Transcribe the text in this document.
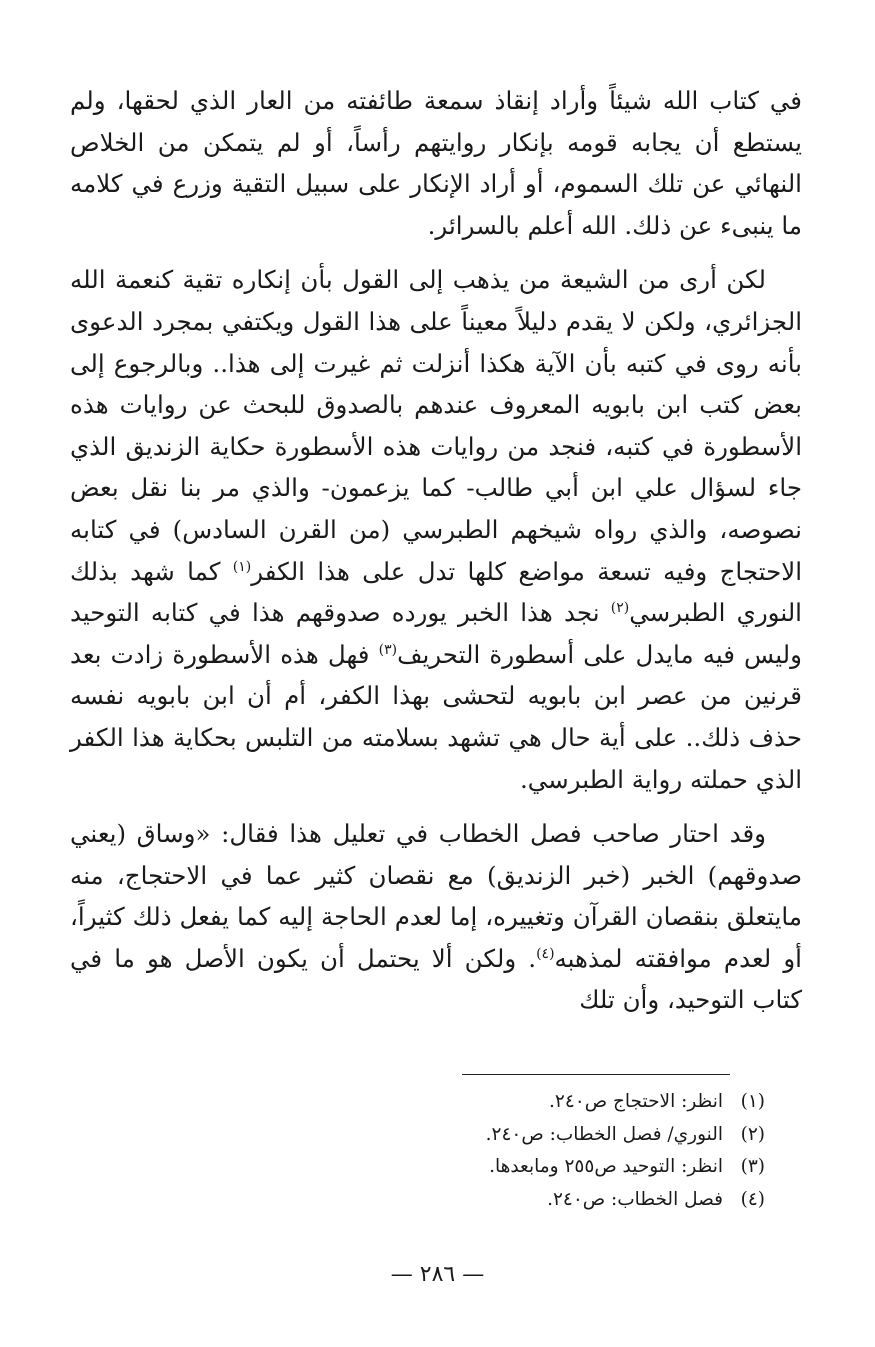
في كتاب الله شيئاً وأراد إنقاذ سمعة طائفته من العار الذي لحقها، ولم يستطع أن يجابه قومه بإنكار روايتهم رأساً، أو لم يتمكن من الخلاص النهائي عن تلك السموم، أو أراد الإنكار على سبيل التقية وزرع في كلامه ما ينبىء عن ذلك. الله أعلم بالسرائر.

لكن أرى من الشيعة من يذهب إلى القول بأن إنكاره تقية كنعمة الله الجزائري، ولكن لا يقدم دليلاً معيناً على هذا القول ويكتفي بمجرد الدعوى بأنه روى في كتبه بأن الآية هكذا أنزلت ثم غيرت إلى هذا.. وبالرجوع إلى بعض كتب ابن بابويه المعروف عندهم بالصدوق للبحث عن روايات هذه الأسطورة في كتبه، فنجد من روايات هذه الأسطورة حكاية الزنديق الذي جاء لسؤال علي ابن أبي طالب- كما يزعمون- والذي مر بنا نقل بعض نصوصه، والذي رواه شيخهم الطبرسي (من القرن السادس) في كتابه الاحتجاج وفيه تسعة مواضع كلها تدل على هذا الكفر$^{(١)}$ كما شهد بذلك النوري الطبرسي$^{(٢)}$ نجد هذا الخبر يورده صدوقهم هذا في كتابه التوحيد وليس فيه مايدل على أسطورة التحريف$^{(٣)}$ فهل هذه الأسطورة زادت بعد قرنين من عصر ابن بابويه لتحشى بهذا الكفر، أم أن ابن بابويه نفسه حذف ذلك.. على أية حال هي تشهد بسلامته من التلبس بحكاية هذا الكفر الذي حملته رواية الطبرسي.

وقد احتار صاحب فصل الخطاب في تعليل هذا فقال: «وساق (يعني صدوقهم) الخبر (خبر الزنديق) مع نقصان كثير عما في الاحتجاج، منه مايتعلق بنقصان القرآن وتغييره، إما لعدم الحاجة إليه كما يفعل ذلك كثيراً، أو لعدم موافقته لمذهبه$^{(٤)}$. ولكن ألا يحتمل أن يكون الأصل هو ما في كتاب التوحيد، وأن تلك

(١)
انظر: الاحتجاج ص٢٤٠.
(٢)
النوري/ فصل الخطاب: ص٢٤٠.
(٣)
انظر: التوحيد ص٢٥٥ ومابعدها.
(٤)
فصل الخطاب: ص٢٤٠.
— ٢٨٦ —
